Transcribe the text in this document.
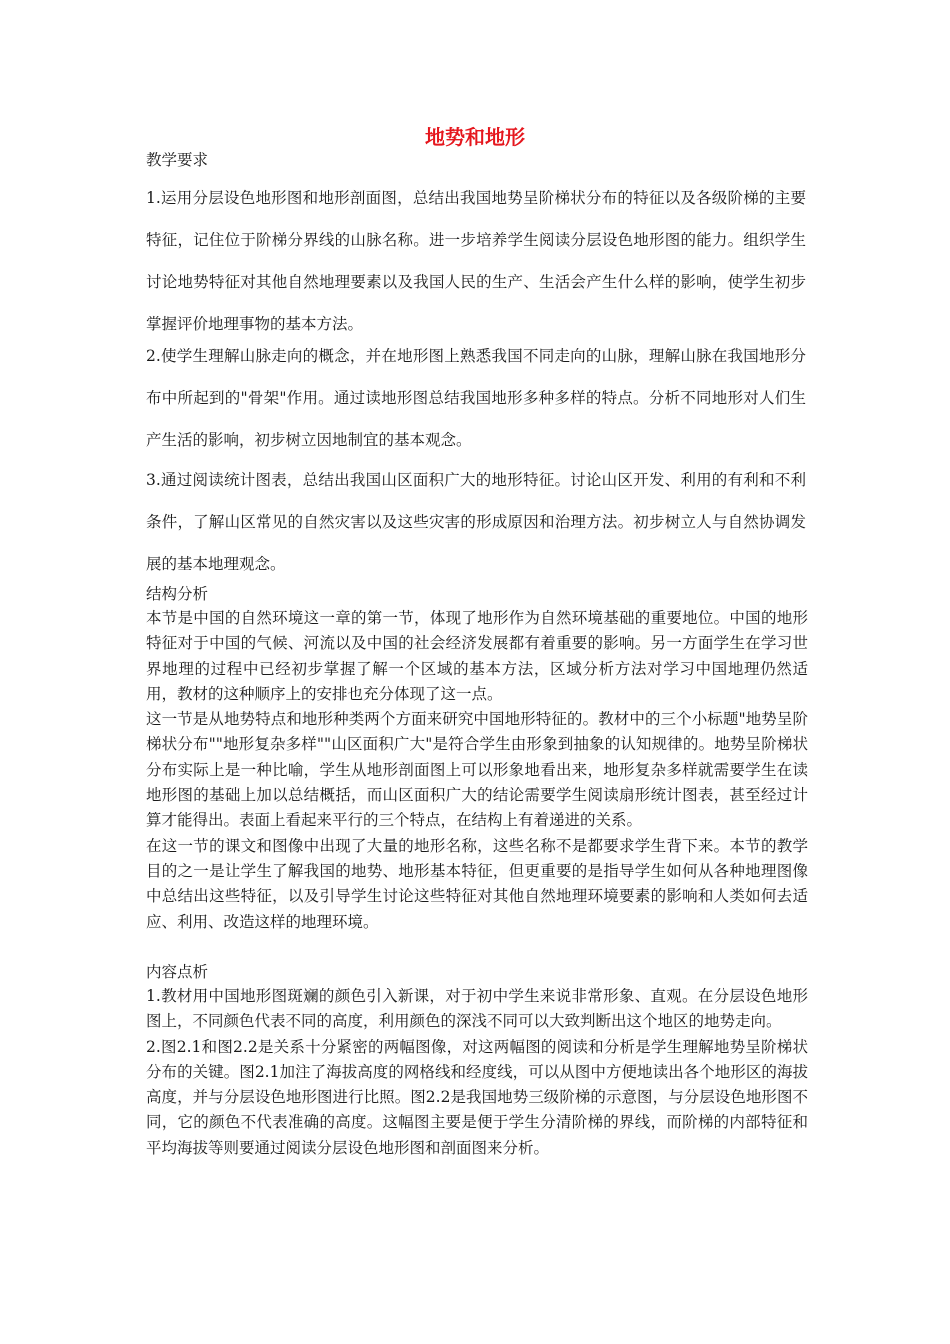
地势和地形
教学要求

1.运用分层设色地形图和地形剖面图，总结出我国地势呈阶梯状分布的特征以及各级阶梯的主要特征，记住位于阶梯分界线的山脉名称。进一步培养学生阅读分层设色地形图的能力。组织学生讨论地势特征对其他自然地理要素以及我国人民的生产、生活会产生什么样的影响，使学生初步掌握评价地理事物的基本方法。

2.使学生理解山脉走向的概念，并在地形图上熟悉我国不同走向的山脉，理解山脉在我国地形分布中所起到的"骨架"作用。通过读地形图总结我国地形多种多样的特点。分析不同地形对人们生产生活的影响，初步树立因地制宜的基本观念。

3.通过阅读统计图表，总结出我国山区面积广大的地形特征。讨论山区开发、利用的有利和不利条件，了解山区常见的自然灾害以及这些灾害的形成原因和治理方法。初步树立人与自然协调发展的基本地理观念。

结构分析

本节是中国的自然环境这一章的第一节，体现了地形作为自然环境基础的重要地位。中国的地形特征对于中国的气候、河流以及中国的社会经济发展都有着重要的影响。另一方面学生在学习世界地理的过程中已经初步掌握了解一个区域的基本方法，区域分析方法对学习中国地理仍然适用，教材的这种顺序上的安排也充分体现了这一点。

这一节是从地势特点和地形种类两个方面来研究中国地形特征的。教材中的三个小标题"地势呈阶梯状分布""地形复杂多样""山区面积广大"是符合学生由形象到抽象的认知规律的。地势呈阶梯状分布实际上是一种比喻，学生从地形剖面图上可以形象地看出来，地形复杂多样就需要学生在读地形图的基础上加以总结概括，而山区面积广大的结论需要学生阅读扇形统计图表，甚至经过计算才能得出。表面上看起来平行的三个特点，在结构上有着递进的关系。

在这一节的课文和图像中出现了大量的地形名称，这些名称不是都要求学生背下来。本节的教学目的之一是让学生了解我国的地势、地形基本特征，但更重要的是指导学生如何从各种地理图像中总结出这些特征，以及引导学生讨论这些特征对其他自然地理环境要素的影响和人类如何去适应、利用、改造这样的地理环境。

内容点析

1.教材用中国地形图斑斓的颜色引入新课，对于初中学生来说非常形象、直观。在分层设色地形图上，不同颜色代表不同的高度，利用颜色的深浅不同可以大致判断出这个地区的地势走向。

2.图2.1和图2.2是关系十分紧密的两幅图像，对这两幅图的阅读和分析是学生理解地势呈阶梯状分布的关键。图2.1加注了海拔高度的网格线和经度线，可以从图中方便地读出各个地形区的海拔高度，并与分层设色地形图进行比照。图2.2是我国地势三级阶梯的示意图，与分层设色地形图不同，它的颜色不代表准确的高度。这幅图主要是便于学生分清阶梯的界线，而阶梯的内部特征和平均海拔等则要通过阅读分层设色地形图和剖面图来分析。
